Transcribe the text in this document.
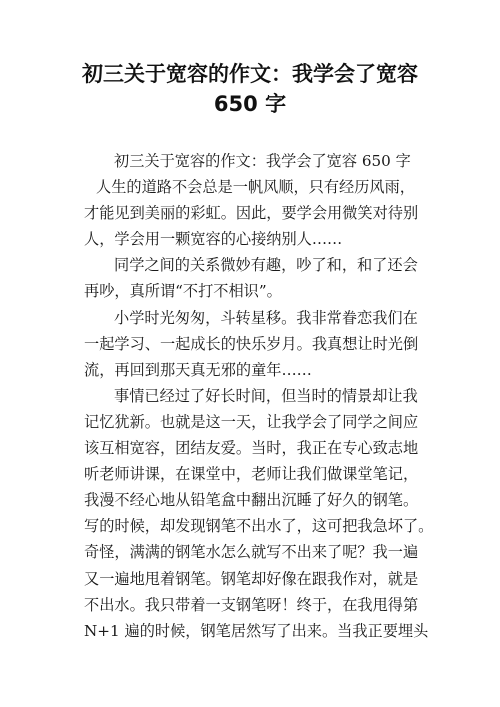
初三关于宽容的作文：我学会了宽容
650 字
初三关于宽容的作文：我学会了宽容 650 字
人生的道路不会总是一帆风顺，只有经历风雨，
才能见到美丽的彩虹。因此，要学会用微笑对待别
人，学会用一颗宽容的心接纳别人……
同学之间的关系微妙有趣，吵了和，和了还会
再吵，真所谓“不打不相识”。
小学时光匆匆，斗转星移。我非常眷恋我们在
一起学习、一起成长的快乐岁月。我真想让时光倒
流，再回到那天真无邪的童年……
事情已经过了好长时间，但当时的情景却让我
记忆犹新。也就是这一天，让我学会了同学之间应
该互相宽容，团结友爱。当时，我正在专心致志地
听老师讲课，在课堂中，老师让我们做课堂笔记，
我漫不经心地从铅笔盒中翻出沉睡了好久的钢笔。
写的时候，却发现钢笔不出水了，这可把我急坏了。
奇怪，满满的钢笔水怎么就写不出来了呢？我一遍
又一遍地甩着钢笔。钢笔却好像在跟我作对，就是
不出水。我只带着一支钢笔呀！终于，在我甩得第
N+1 遍的时候，钢笔居然写了出来。当我正要埋头
